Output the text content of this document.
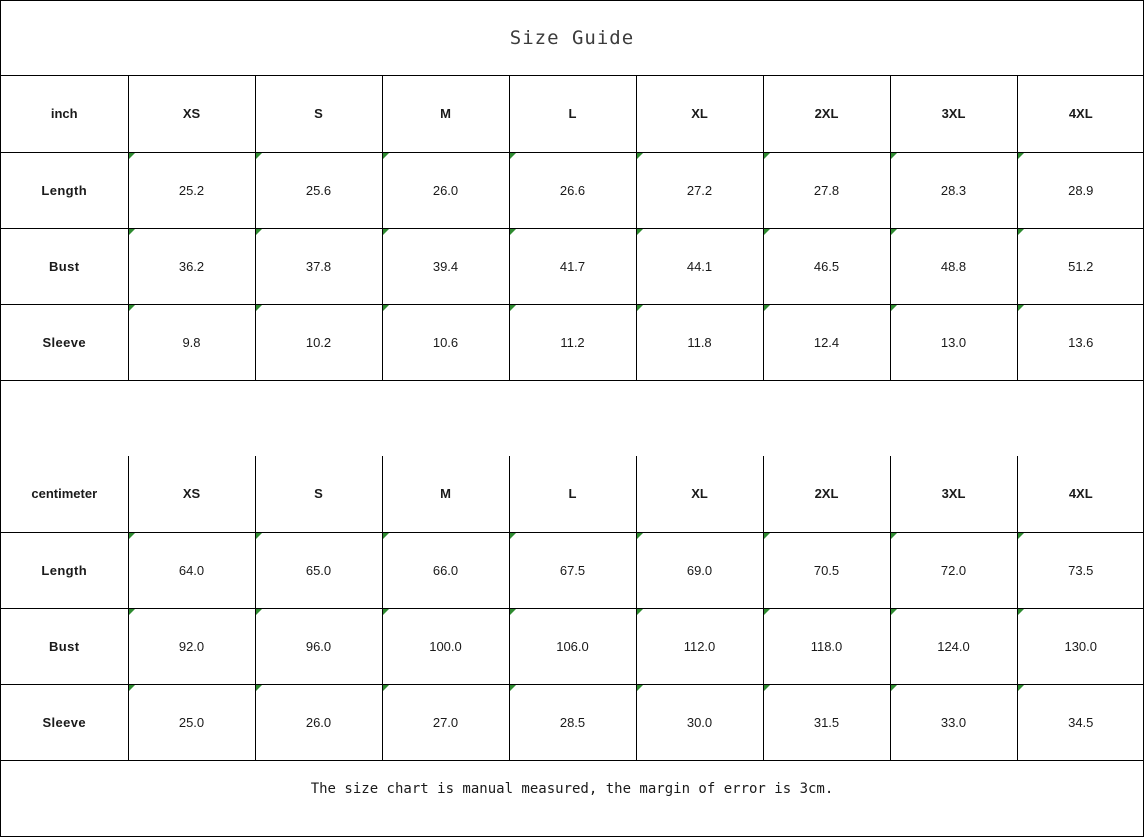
Size Guide
inch	XS	S	M	L	XL	2XL	3XL	4XL
Length	25.2	25.6	26.0	26.6	27.2	27.8	28.3	28.9
Bust	36.2	37.8	39.4	41.7	44.1	46.5	48.8	51.2
Sleeve	9.8	10.2	10.6	11.2	11.8	12.4	13.0	13.6

centimeter	XS	S	M	L	XL	2XL	3XL	4XL
Length	64.0	65.0	66.0	67.5	69.0	70.5	72.0	73.5
Bust	92.0	96.0	100.0	106.0	112.0	118.0	124.0	130.0
Sleeve	25.0	26.0	27.0	28.5	30.0	31.5	33.0	34.5
The size chart is manual measured, the margin of error is 3cm.
